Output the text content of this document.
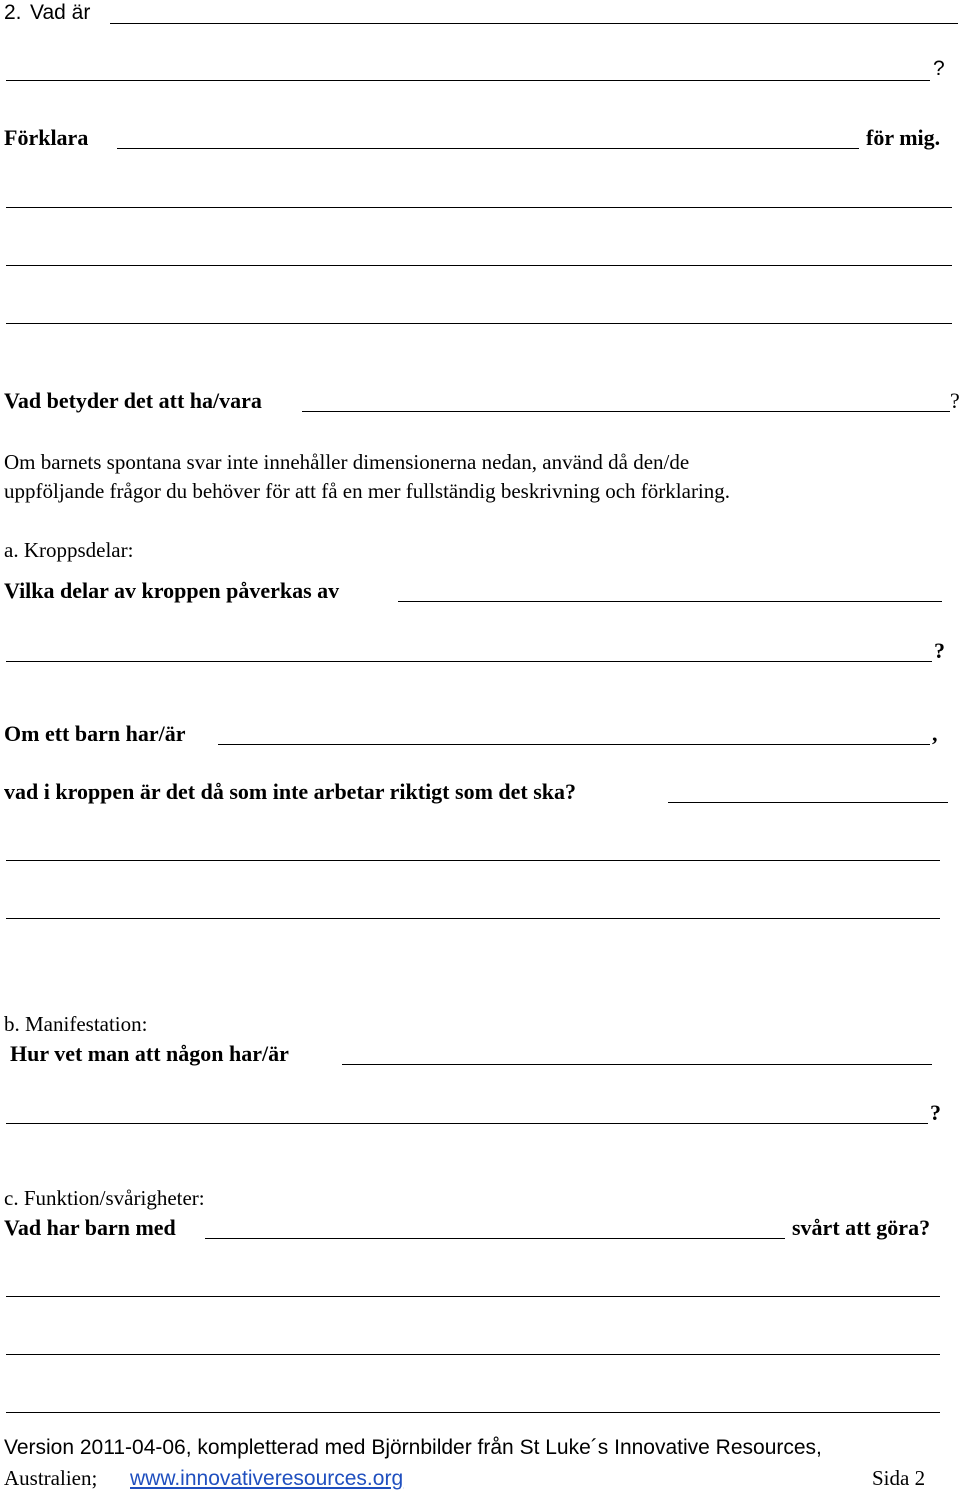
2. Vad är
?
Förklara	för mig.
Vad betyder det att ha/vara	?
Om barnets spontana svar inte innehåller dimensionerna nedan, använd då den/de
uppföljande frågor du behöver för att få en mer fullständig beskrivning och förklaring.
a. Kroppsdelar:
Vilka delar av kroppen påverkas av
?
Om ett barn har/är	,
vad i kroppen är det då som inte arbetar riktigt som det ska?
b. Manifestation:
Hur vet man att någon har/är
?
c. Funktion/svårigheter:
Vad har barn med	svårt att göra?
Version 2011-04-06, kompletterad med Björnbilder från St Luke´s Innovative Resources,
Australien; www.innovativeresources.org	Sida 2
